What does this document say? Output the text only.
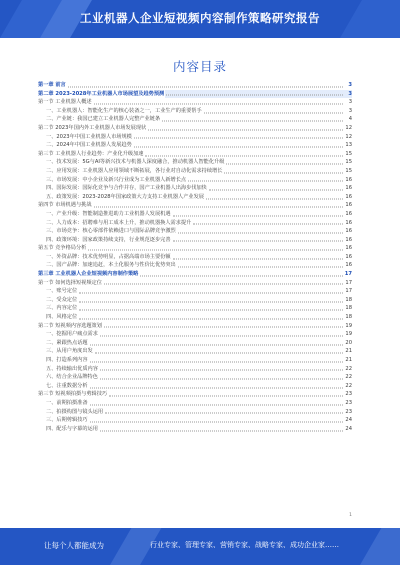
工业机器人企业短视频内容制作策略研究报告
内容目录
第一章 前言	3
第二章 2023-2028年工业机器人市场展望及趋势预测	3
第一节 工业机器人概述	3
一、工业机器人：智能化生产的核心装备之一，工业生产的重要帮手	3
二、产业链：我国已建立工业机器人完整产业链条	4
第二节 2023年国内外工业机器人市场发展现状	12
一、2023年中国工业机器人市场规模	12
二、2024年中国工业机器人发展趋势	13
第三节 工业机器人行业趋势：产业化升级加速	15
一、技术发展：5G与AI等新兴技术与机器人深度融合，推动机器人智能化升级	15
二、应用发展：工业机器人应用领域不断拓展，各行业对自动化需求持续增长	15
三、市场发展：中小企业及新兴行业成为工业机器人新增长点	16
四、国际发展：国际化竞争与合作并存，国产工业机器人出海步伐加快	16
五、政策发展：2023-2028年国家政策大力支持工业机器人产业发展	16
第四节 市场机遇与挑战	16
一、产业升级：智能制造推进助力工业机器人发展机遇	16
二、人力成本：招聘难与用工成本上升，推动机器换人需求提升	16
三、市场竞争：核心零部件依赖进口与国际品牌竞争激烈	16
四、政策环境：国家政策持续支持，行业规范逐步完善	16
第五节 竞争格局分析	16
一、外资品牌：技术优势明显，占据高端市场主要份额	16
二、国产品牌：加速追赶，本土化服务与性价比优势突出	16
第三章 工业机器人企业短视频内容制作策略	17
第一节 如何选择短视频定位	17
一、账号定位	17
二、受众定位	18
三、内容定位	18
四、风格定位	18
第二节 短视频内容选题策划	19
一、挖掘用户痛点需求	19
二、紧跟热点话题	20
三、从用户角度出发	21
四、打造系列内容	21
五、持续输出优质内容	22
六、结合企业品牌特色	22
七、注重数据分析	22
第三节 短视频拍摄与剪辑技巧	23
一、前期拍摄准备	23
二、拍摄构图与镜头运用	23
三、后期剪辑技巧	24
四、配乐与字幕的运用	24
1
让每个人都能成为	行业专家、管理专家、营销专家、战略专家、成功企业家……
